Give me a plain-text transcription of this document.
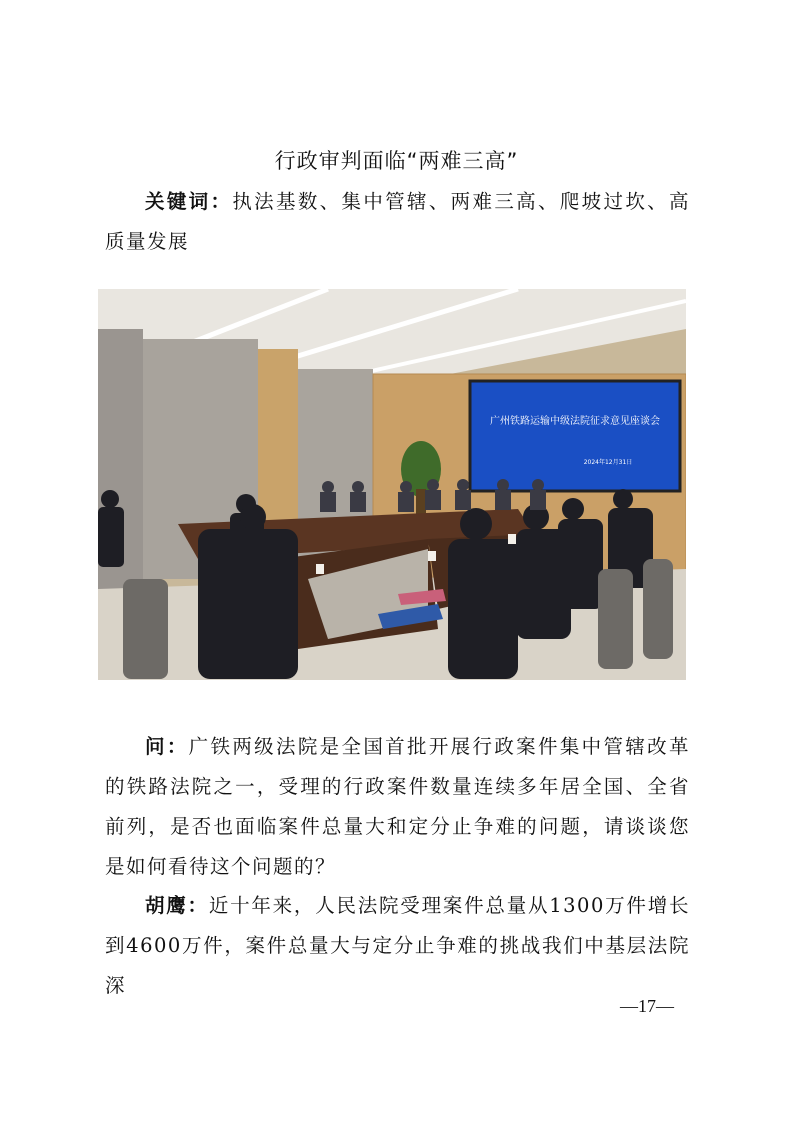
行政审判面临“两难三高”
关键词：执法基数、集中管辖、两难三高、爬坡过坎、高质量发展
广州铁路运输中级法院征求意见座谈会
2024年12月31日
问：广铁两级法院是全国首批开展行政案件集中管辖改革的铁路法院之一，受理的行政案件数量连续多年居全国、全省前列，是否也面临案件总量大和定分止争难的问题，请谈谈您是如何看待这个问题的？
胡鹰：近十年来，人民法院受理案件总量从1300万件增长到4600万件，案件总量大与定分止争难的挑战我们中基层法院深
—17—
